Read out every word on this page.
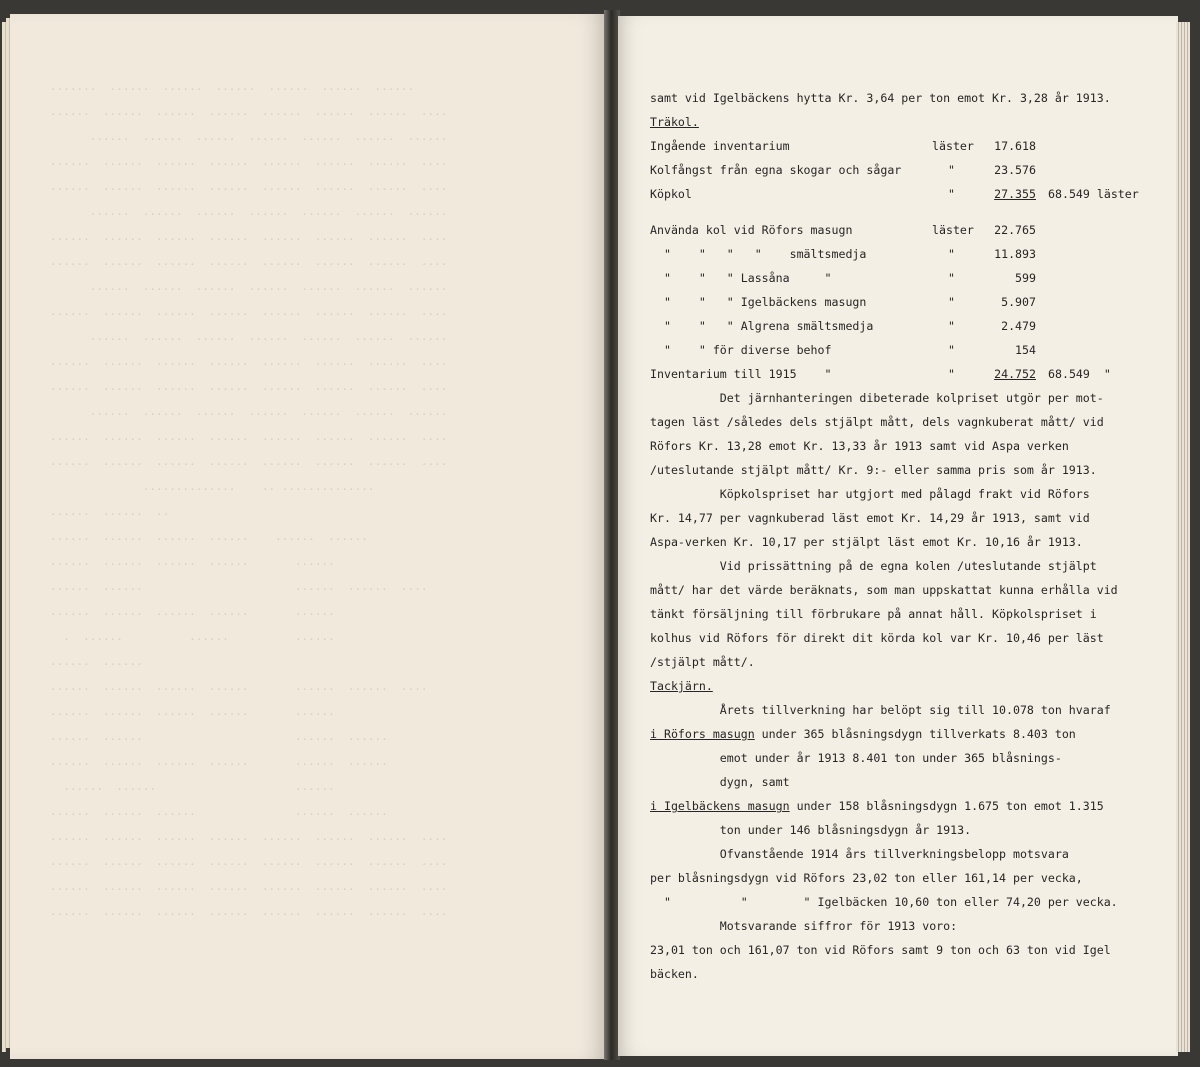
.......  ......  ......  ......  ......  ......  ......
......  ......  ......  ......  ......  ......  ......  ....
......  ......  ......  ......  ......  ......  ......
......  ......  ......  ......  ......  ......  ......  ....
......  ......  ......  ......  ......  ......  ......  ....
......  ......  ......  ......  ......  ......  ......
......  ......  ......  ......  ......  ......  ......  ....
......  ......  ......  ......  ......  ......  ......  ....
......  ......  ......  ......  ......  ......  ......
......  ......  ......  ......  ......  ......  ......  ....
......  ......  ......  ......  ......  ......  ......
......  ......  ......  ......  ......  ......  ......  ....
......  ......  ......  ......  ......  ......  ......  ....
......  ......  ......  ......  ......  ......  ......
......  ......  ......  ......  ......  ......  ......  ....
......  ......  ......  ......  ......  ......  ......  ....
..............    .. ..............
......  ......  ..
......  ......  ......  ......    ......  ......
......  ......  ......  ......       ......
......  ......                       ......  ......  ....
......  ......  ......  ......       ......
.  ......          ......          ......
......  ......
......  ......  ......  ......       ......  ......  ....
......  ......  ......  ......       ......
......  ......                       ......  ......
......  ......  ......  ......       ......  ......
......  ......                     ......
......  ......  ......               ......  ......
......  ......  ......  ......  ......  ......  ......  ....
......  ......  ......  ......  ......  ......  ......  ....
......  ......  ......  ......  ......  ......  ......  ....
......  ......  ......  ......  ......  ......  ......  ....
samt vid Igelbäckens hytta Kr. 3,64 per ton emot Kr. 3,28 år 1913.
Träkol.
Ingående inventarium	läster	17.618
Kolfångst från egna skogar och sågar	"	23.576
Köpkol	"	27.355 68.549 läster
Använda kol vid Röfors masugn	läster	22.765
"    "   "   "    smältsmedja	"	11.893
"    "   " Lassåna     "	"	599
"    "   " Igelbäckens masugn	"	5.907
"    "   " Algrena smältsmedja	"	2.479
"    " för diverse behof	"	154
Inventarium till 1915    "	"	24.752 68.549  "
Det järnhanteringen dibeterade kolpriset utgör per mot-
tagen läst /således dels stjälpt mått, dels vagnkuberat mått/ vid
Röfors Kr. 13,28 emot Kr. 13,33 år 1913 samt vid Aspa verken
/uteslutande stjälpt mått/ Kr. 9:- eller samma pris som år 1913.
Köpkolspriset har utgjort med pålagd frakt vid Röfors
Kr. 14,77 per vagnkuberad läst emot Kr. 14,29 år 1913, samt vid
Aspa-verken Kr. 10,17 per stjälpt läst emot Kr. 10,16 år 1913.
Vid prissättning på de egna kolen /uteslutande stjälpt
mått/ har det värde beräknats, som man uppskattat kunna erhålla vid
tänkt försäljning till förbrukare på annat håll. Köpkolspriset i
kolhus vid Röfors för direkt dit körda kol var Kr. 10,46 per läst
/stjälpt mått/.
Tackjärn.
Årets tillverkning har belöpt sig till 10.078 ton hvaraf
i Röfors masugn under 365 blåsningsdygn tillverkats 8.403 ton
emot under år 1913 8.401 ton under 365 blåsnings-
dygn, samt
i Igelbäckens masugn under 158 blåsningsdygn 1.675 ton emot 1.315
ton under 146 blåsningsdygn år 1913.
Ofvanstående 1914 års tillverkningsbelopp motsvara
per blåsningsdygn vid Röfors 23,02 ton eller 161,14 per vecka,
"          "        " Igelbäcken 10,60 ton eller 74,20 per vecka.
Motsvarande siffror för 1913 voro:
23,01 ton och 161,07 ton vid Röfors samt 9 ton och 63 ton vid Igel
bäcken.
